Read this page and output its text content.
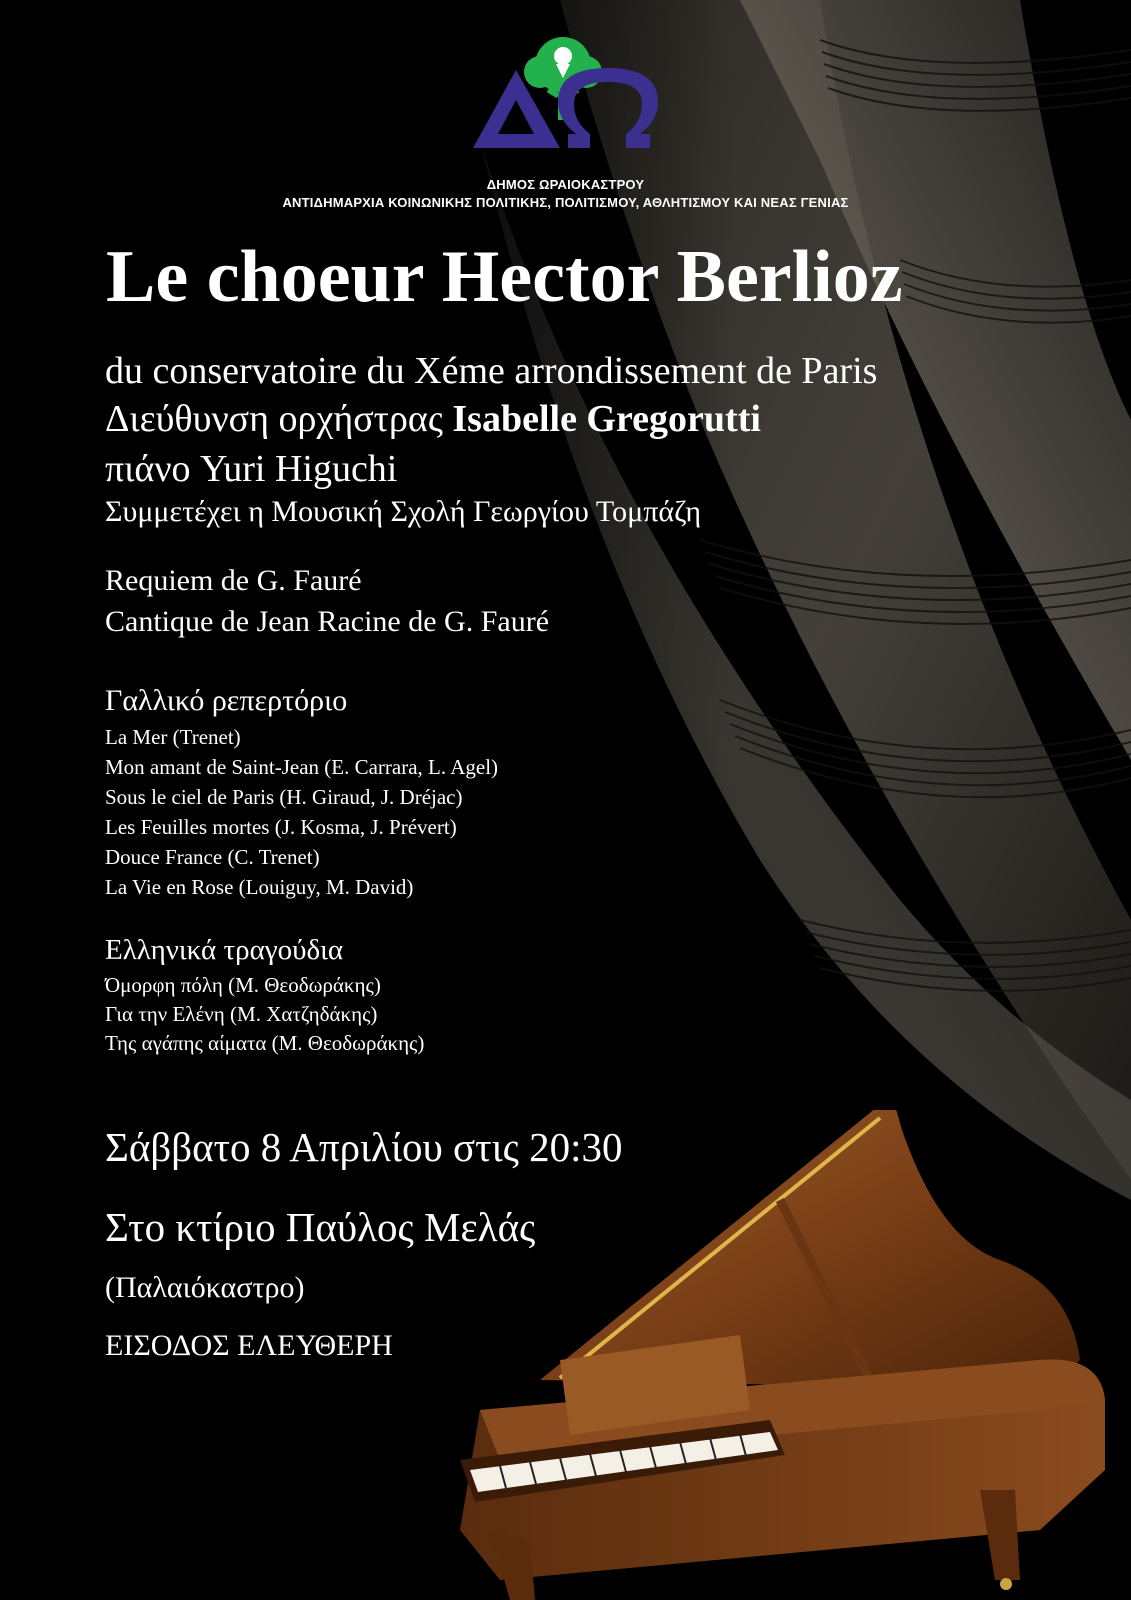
ΔΗΜΟΣ ΩΡΑΙΟΚΑΣΤΡΟΥ
ΑΝΤΙΔΗΜΑΡΧΙΑ ΚΟΙΝΩΝΙΚΗΣ ΠΟΛΙΤΙΚΗΣ, ΠΟΛΙΤΙΣΜΟΥ, ΑΘΛΗΤΙΣΜΟΥ ΚΑΙ ΝΕΑΣ ΓΕΝΙΑΣ
Le choeur Hector Berlioz
du conservatoire du Xéme arrondissement de Paris
Διεύθυνση ορχήστρας Isabelle Gregorutti
πιάνο Yuri Higuchi
Συμμετέχει η Μουσική Σχολή Γεωργίου Τομπάζη
Requiem de G. Fauré
Cantique de Jean Racine de G. Fauré
Γαλλικό ρεπερτόριο
La Mer (Trenet)
Mon amant de Saint-Jean (E. Carrara, L. Agel)
Sous le ciel de Paris (H. Giraud, J. Dréjac)
Les Feuilles mortes (J. Kosma, J. Prévert)
Douce France (C. Trenet)
La Vie en Rose (Louiguy, M. David)
Ελληνικά τραγούδια
Όμορφη πόλη (Μ. Θεοδωράκης)
Για την Ελένη (Μ. Χατζηδάκης)
Της αγάπης αίματα (Μ. Θεοδωράκης)
Σάββατο 8 Απριλίου στις 20:30
Στο κτίριο Παύλος Μελάς
(Παλαιόκαστρο)
ΕΙΣΟΔΟΣ ΕΛΕΥΘΕΡΗ
